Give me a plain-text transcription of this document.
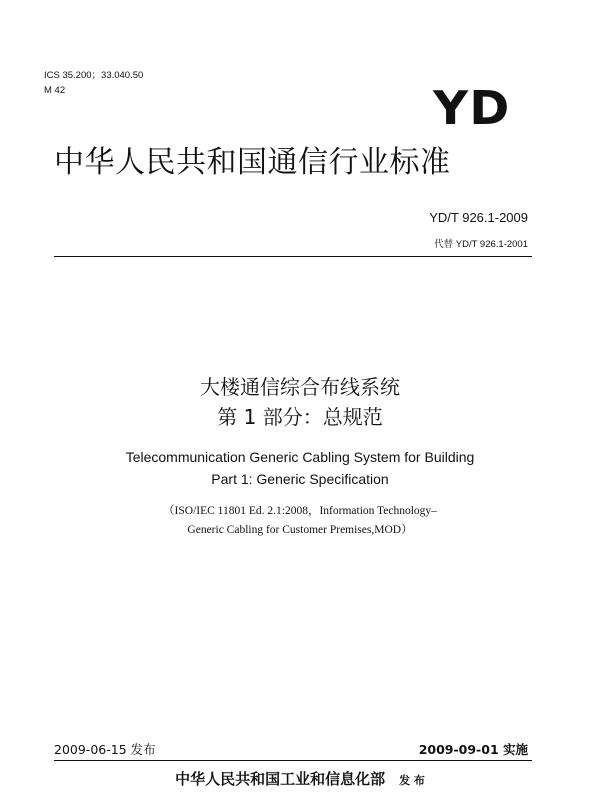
ICS 35.200；33.040.50
M 42	YD
中华人民共和国通信行业标准
YD/T 926.1-2009
代替 YD/T 926.1-2001
大楼通信综合布线系统
第 1 部分：总规范
Telecommunication Generic Cabling System for Building
Part 1: Generic Specification
（ISO/IEC 11801 Ed. 2.1:2008，Information Technology–
Generic Cabling for Customer Premises,MOD）
2009-06-15 发布	2009-09-01 实施
中华人民共和国工业和信息化部 发 布
